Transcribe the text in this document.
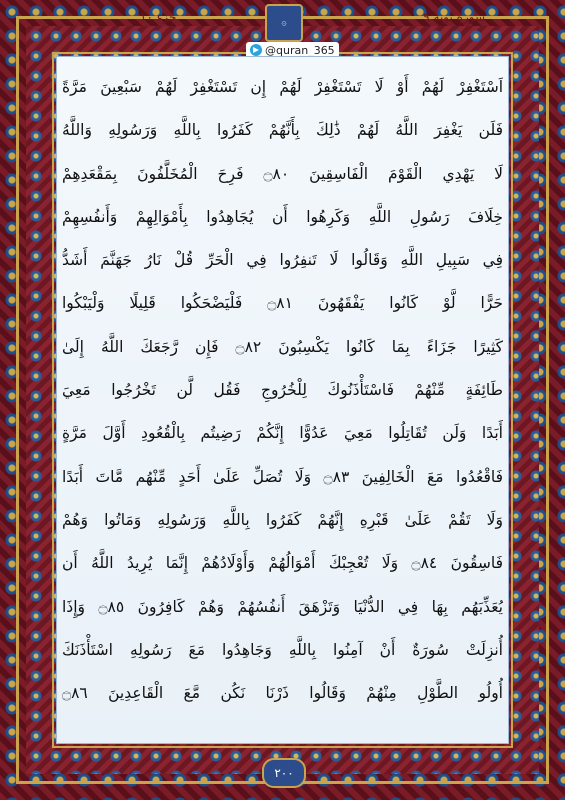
سوره توبه ۹
جزء ۱۰	۞
@quran_365
اَسْتَغْفِرْ لَهُمْ أَوْ لَا تَسْتَغْفِرْ لَهُمْ إِن تَسْتَغْفِرْ لَهُمْ سَبْعِينَ مَرَّةً
فَلَن يَغْفِرَ اللَّهُ لَهُمْ ذَٰلِكَ بِأَنَّهُمْ كَفَرُوا بِاللَّهِ وَرَسُولِهِ وَاللَّهُ
لَا يَهْدِي الْقَوْمَ الْفَاسِقِينَ ۝٨٠ فَرِحَ الْمُخَلَّفُونَ بِمَقْعَدِهِمْ
خِلَافَ رَسُولِ اللَّهِ وَكَرِهُوا أَن يُجَاهِدُوا بِأَمْوَالِهِمْ وَأَنفُسِهِمْ
فِي سَبِيلِ اللَّهِ وَقَالُوا لَا تَنفِرُوا فِي الْحَرِّ قُلْ نَارُ جَهَنَّمَ أَشَدُّ
حَرًّا لَّوْ كَانُوا يَفْقَهُونَ ۝٨١ فَلْيَضْحَكُوا قَلِيلًا وَلْيَبْكُوا
كَثِيرًا جَزَاءً بِمَا كَانُوا يَكْسِبُونَ ۝٨٢ فَإِن رَّجَعَكَ اللَّهُ إِلَىٰ
طَائِفَةٍ مِّنْهُمْ فَاسْتَأْذَنُوكَ لِلْخُرُوجِ فَقُل لَّن تَخْرُجُوا مَعِيَ
أَبَدًا وَلَن تُقَاتِلُوا مَعِيَ عَدُوًّا إِنَّكُمْ رَضِيتُم بِالْقُعُودِ أَوَّلَ مَرَّةٍ
فَاقْعُدُوا مَعَ الْخَالِفِينَ ۝٨٣ وَلَا تُصَلِّ عَلَىٰ أَحَدٍ مِّنْهُم مَّاتَ أَبَدًا
وَلَا تَقُمْ عَلَىٰ قَبْرِهِ إِنَّهُمْ كَفَرُوا بِاللَّهِ وَرَسُولِهِ وَمَاتُوا وَهُمْ
فَاسِقُونَ ۝٨٤ وَلَا تُعْجِبْكَ أَمْوَالُهُمْ وَأَوْلَادُهُمْ إِنَّمَا يُرِيدُ اللَّهُ أَن
يُعَذِّبَهُم بِهَا فِي الدُّنْيَا وَتَزْهَقَ أَنفُسُهُمْ وَهُمْ كَافِرُونَ ۝٨٥ وَإِذَا
أُنزِلَتْ سُورَةٌ أَنْ آمِنُوا بِاللَّهِ وَجَاهِدُوا مَعَ رَسُولِهِ اسْتَأْذَنَكَ
أُولُو الطَّوْلِ مِنْهُمْ وَقَالُوا ذَرْنَا نَكُن مَّعَ الْقَاعِدِينَ ۝٨٦
۲۰۰
